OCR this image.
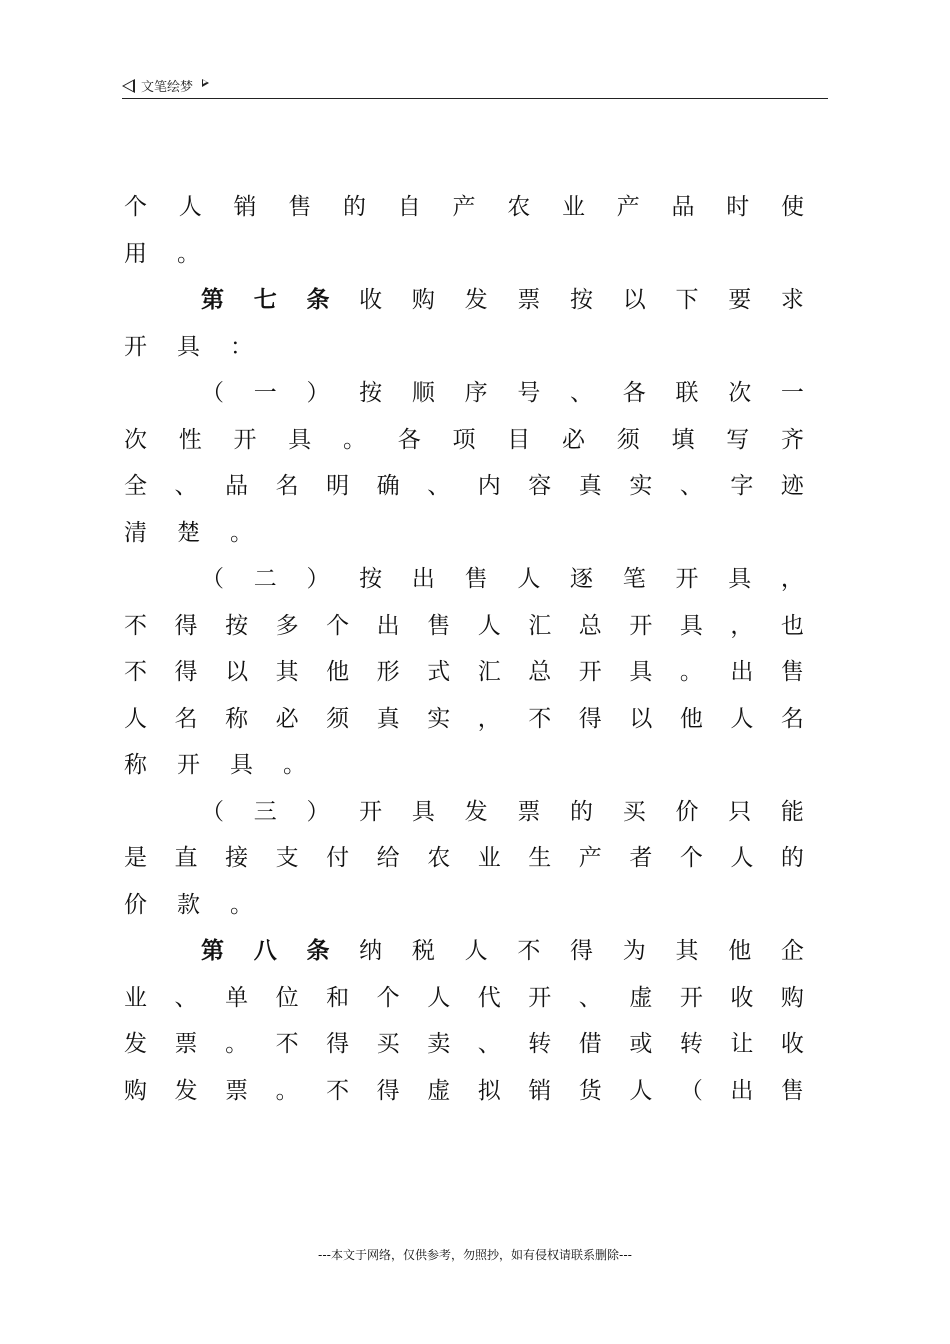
文笔绘梦
个 人 销 售 的 自 产 农 业 产 品 时 使
用 。
第 七 条 收 购 发 票 按 以 下 要 求
开 具 ：
（ 一 ） 按 顺 序 号 、 各 联 次 一
次 性 开 具 。 各 项 目 必 须 填 写 齐
全 、 品 名 明 确 、 内 容 真 实 、 字 迹
清 楚 。
（ 二 ） 按 出 售 人 逐 笔 开 具 ，
不 得 按 多 个 出 售 人 汇 总 开 具 ， 也
不 得 以 其 他 形 式 汇 总 开 具 。 出 售
人 名 称 必 须 真 实 ， 不 得 以 他 人 名
称 开 具 。
（ 三 ） 开 具 发 票 的 买 价 只 能
是 直 接 支 付 给 农 业 生 产 者 个 人 的
价 款 。
第 八 条 纳 税 人 不 得 为 其 他 企
业 、 单 位 和 个 人 代 开 、 虚 开 收 购
发 票 。 不 得 买 卖 、 转 借 或 转 让 收
购 发 票 。 不 得 虚 拟 销 货 人 （ 出 售
---本文于网络，仅供参考，勿照抄，如有侵权请联系删除---
